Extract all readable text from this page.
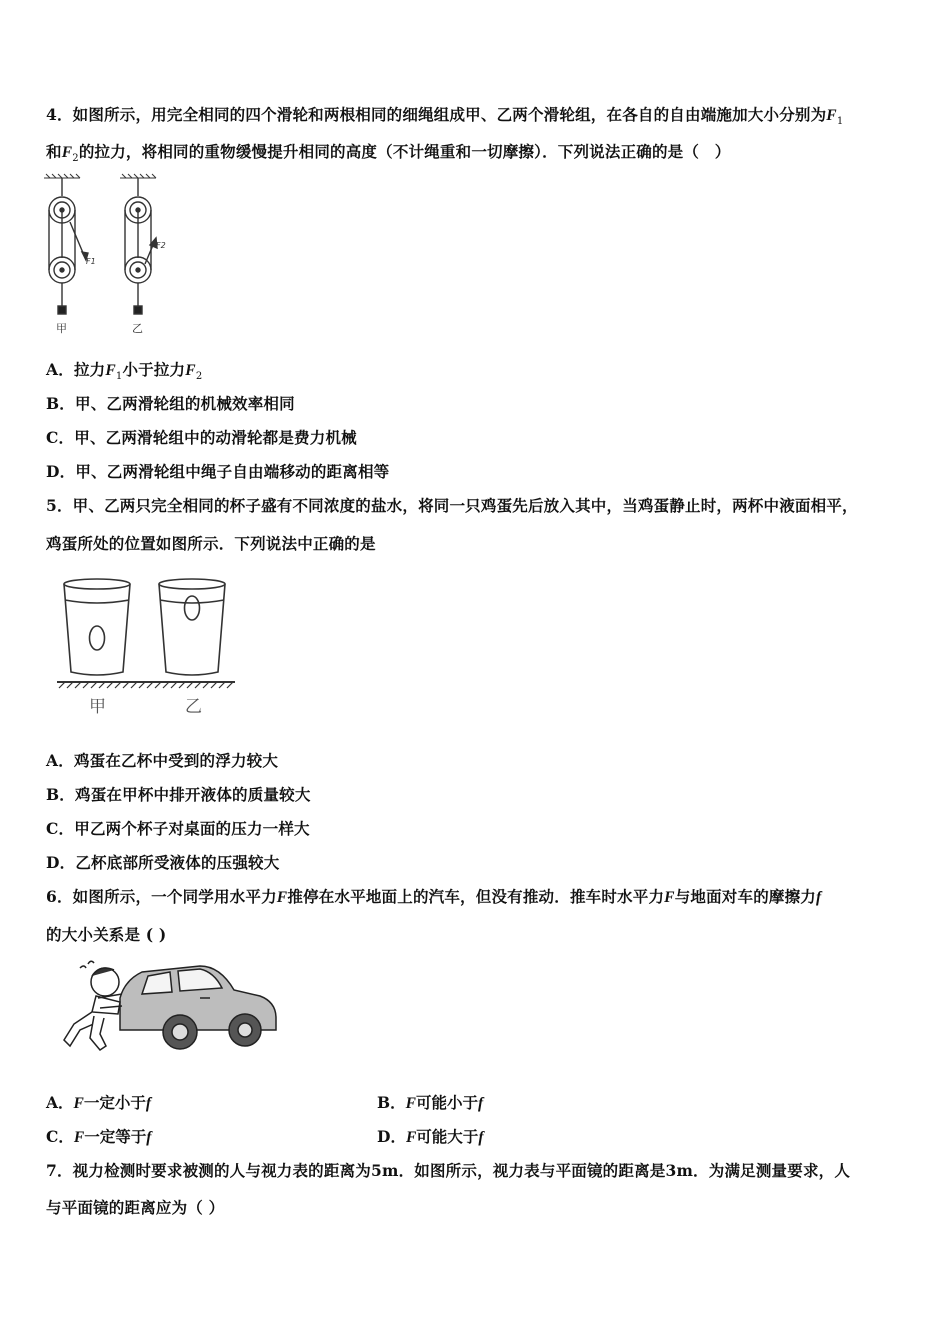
4．如图所示，用完全相同的四个滑轮和两根相同的细绳组成甲、乙两个滑轮组，在各自的自由端施加大小分别为$F_1$
和$F_2$的拉力，将相同的重物缓慢提升相同的高度（不计绳重和一切摩擦）．下列说法正确的是（　）
F1
F2
甲	乙
A．拉力$F_1$小于拉力$F_2$
B．甲、乙两滑轮组的机械效率相同
C．甲、乙两滑轮组中的动滑轮都是费力机械
D．甲、乙两滑轮组中绳子自由端移动的距离相等
5．甲、乙两只完全相同的杯子盛有不同浓度的盐水，将同一只鸡蛋先后放入其中，当鸡蛋静止时，两杯中液面相平，
鸡蛋所处的位置如图所示．下列说法中正确的是
甲	乙
A．鸡蛋在乙杯中受到的浮力较大
B．鸡蛋在甲杯中排开液体的质量较大
C．甲乙两个杯子对桌面的压力一样大
D．乙杯底部所受液体的压强较大
6．如图所示，一个同学用水平力F推停在水平地面上的汽车，但没有推动．推车时水平力F与地面对车的摩擦力f
的大小关系是 ( )
A．F一定小于f	B．F可能小于f
C．F一定等于f	D．F可能大于f
7．视力检测时要求被测的人与视力表的距离为5m．如图所示，视力表与平面镜的距离是3m．为满足测量要求，人
与平面镜的距离应为（ ）
